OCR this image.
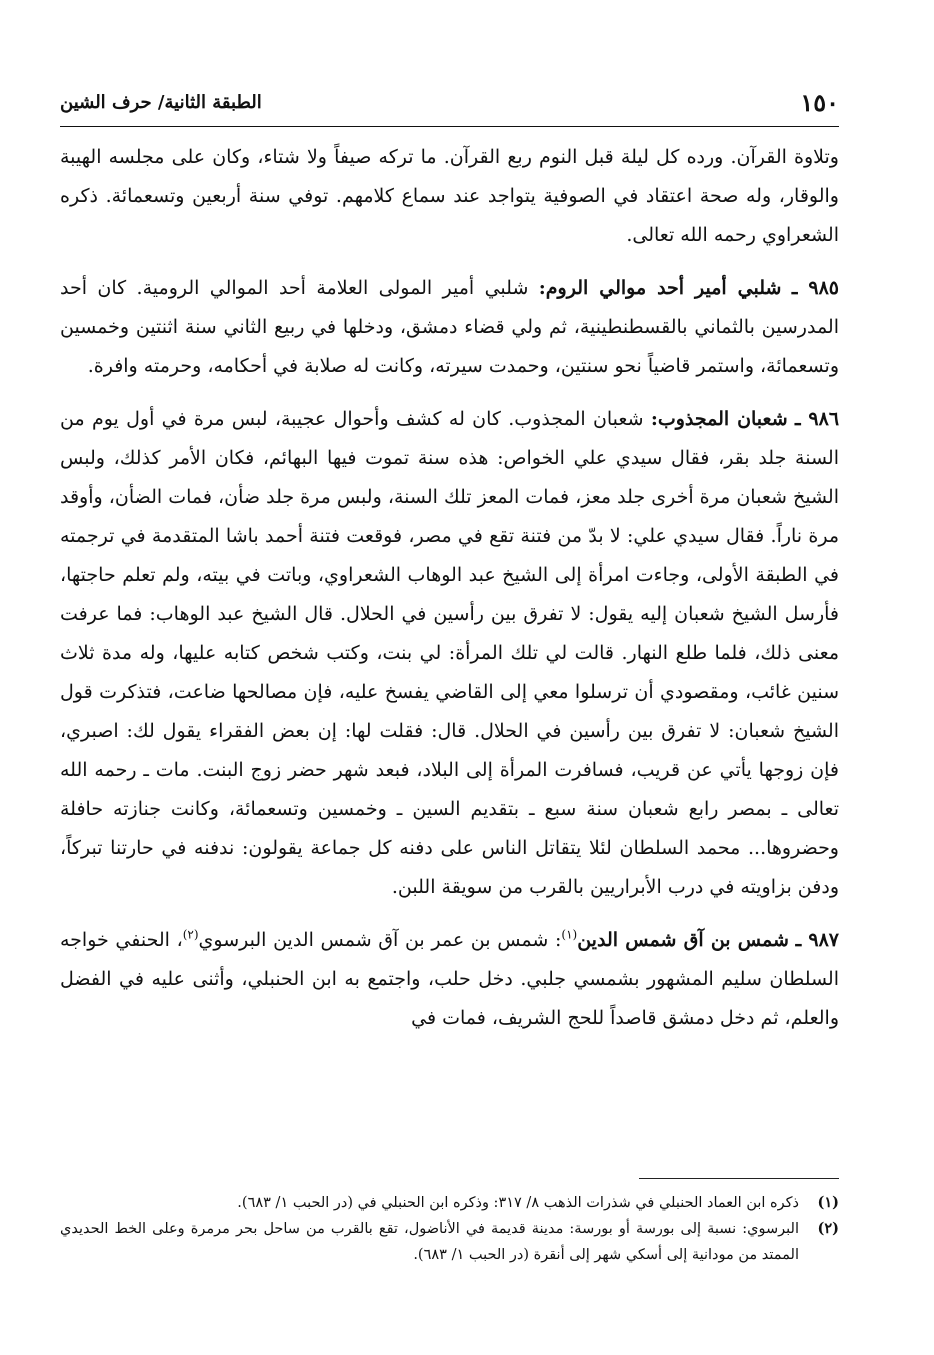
١٥٠
الطبقة الثانية/ حرف الشين

وتلاوة القرآن. ورده كل ليلة قبل النوم ربع القرآن. ما تركه صيفاً ولا شتاء، وكان على مجلسه الهيبة والوقار، وله صحة اعتقاد في الصوفية يتواجد عند سماع كلامهم. توفي سنة أربعين وتسعمائة. ذكره الشعراوي رحمه الله تعالى.

٩٨٥ ـ شلبي أمير أحد موالي الروم: شلبي أمير المولى العلامة أحد الموالي الرومية. كان أحد المدرسين بالثماني بالقسطنطينية، ثم ولي قضاء دمشق، ودخلها في ربيع الثاني سنة اثنتين وخمسين وتسعمائة، واستمر قاضياً نحو سنتين، وحمدت سيرته، وكانت له صلابة في أحكامه، وحرمته وافرة.

٩٨٦ ـ شعبان المجذوب: شعبان المجذوب. كان له كشف وأحوال عجيبة، لبس مرة في أول يوم من السنة جلد بقر، فقال سيدي علي الخواص: هذه سنة تموت فيها البهائم، فكان الأمر كذلك، ولبس الشيخ شعبان مرة أخرى جلد معز، فمات المعز تلك السنة، ولبس مرة جلد ضأن، فمات الضأن، وأوقد مرة ناراً. فقال سيدي علي: لا بدّ من فتنة تقع في مصر، فوقعت فتنة أحمد باشا المتقدمة في ترجمته في الطبقة الأولى، وجاءت امرأة إلى الشيخ عبد الوهاب الشعراوي، وباتت في بيته، ولم تعلم حاجتها، فأرسل الشيخ شعبان إليه يقول: لا تفرق بين رأسين في الحلال. قال الشيخ عبد الوهاب: فما عرفت معنى ذلك، فلما طلع النهار. قالت لي تلك المرأة: لي بنت، وكتب شخص كتابه عليها، وله مدة ثلاث سنين غائب، ومقصودي أن ترسلوا معي إلى القاضي يفسخ عليه، فإن مصالحها ضاعت، فتذكرت قول الشيخ شعبان: لا تفرق بين رأسين في الحلال. قال: فقلت لها: إن بعض الفقراء يقول لك: اصبري، فإن زوجها يأتي عن قريب، فسافرت المرأة إلى البلاد، فبعد شهر حضر زوج البنت. مات ـ رحمه الله تعالى ـ بمصر رابع شعبان سنة سبع ـ بتقديم السين ـ وخمسين وتسعمائة، وكانت جنازته حافلة وحضروها... محمد السلطان لئلا يتقاتل الناس على دفنه كل جماعة يقولون: ندفنه في حارتنا تبركاً، ودفن بزاويته في درب الأبراريين بالقرب من سويقة اللبن.

٩٨٧ ـ شمس بن آق شمس الدين$^{(١)}$: شمس بن عمر بن آق شمس الدين البرسوي$^{(٢)}$، الحنفي خواجه السلطان سليم المشهور بشمسي جلبي. دخل حلب، واجتمع به ابن الحنبلي، وأثنى عليه في الفضل والعلم، ثم دخل دمشق قاصداً للحج الشريف، فمات في

(١)
ذكره ابن العماد الحنبلي في شذرات الذهب ٨/ ٣١٧: وذكره ابن الحنبلي في (در الحبب ١/ ٦٨٣).
(٢)
البرسوي: نسبة إلى بورسة أو بورسة: مدينة قديمة في الأناضول، تقع بالقرب من ساحل بحر مرمرة وعلى الخط الحديدي الممتد من مودانية إلى أسكي شهر إلى أنقرة (در الحبب ١/ ٦٨٣).
